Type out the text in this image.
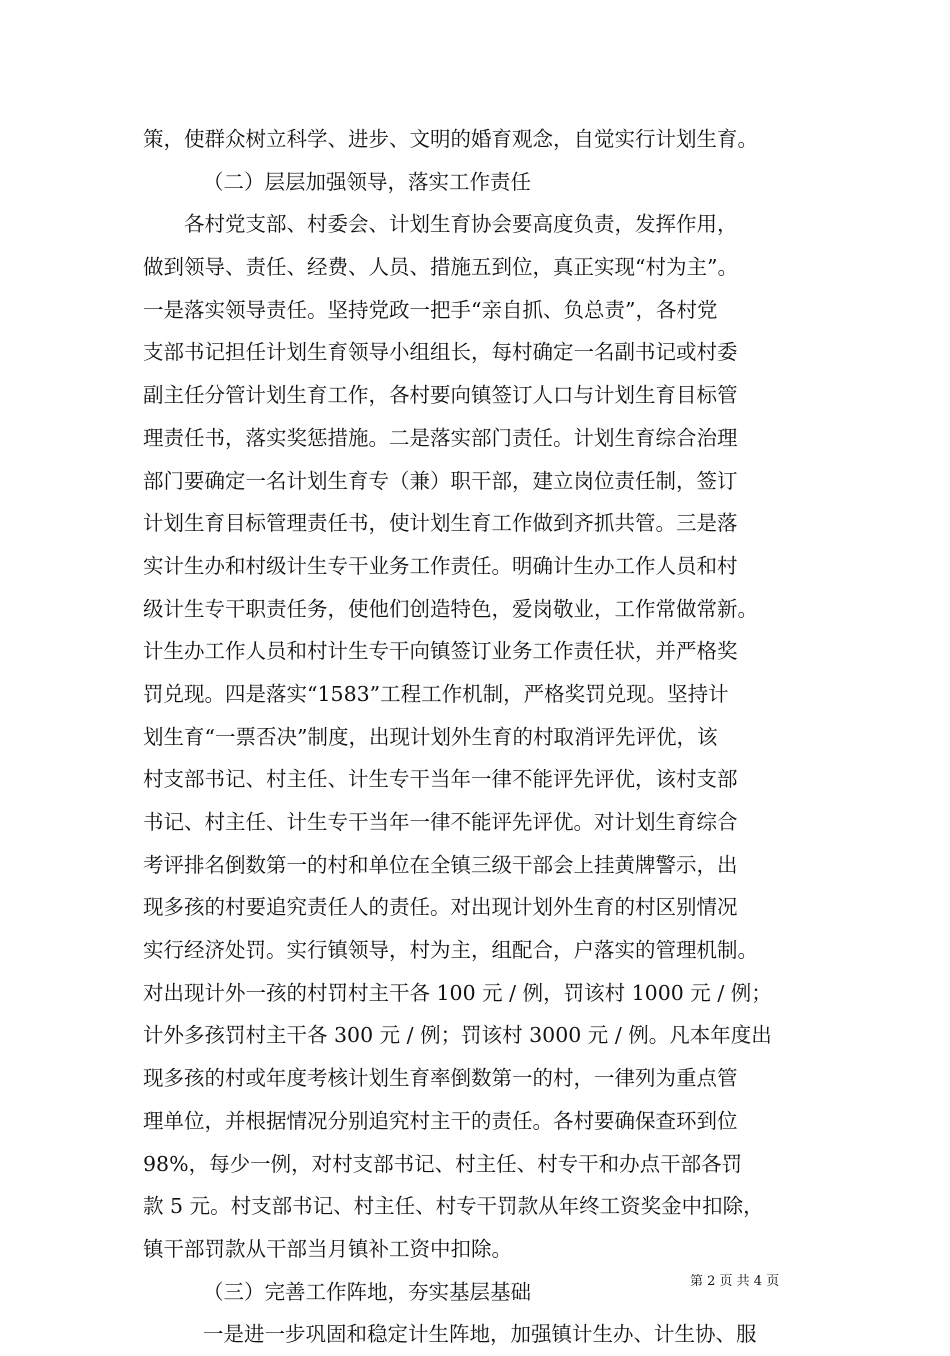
策，使群众树立科学、进步、文明的婚育观念，自觉实行计划生育。
（二）层层加强领导，落实工作责任
各村党支部、村委会、计划生育协会要高度负责，发挥作用，
做到领导、责任、经费、人员、措施五到位，真正实现“村为主”。
一是落实领导责任。坚持党政一把手“亲自抓、负总责”，各村党
支部书记担任计划生育领导小组组长，每村确定一名副书记或村委
副主任分管计划生育工作，各村要向镇签订人口与计划生育目标管
理责任书，落实奖惩措施。二是落实部门责任。计划生育综合治理
部门要确定一名计划生育专（兼）职干部，建立岗位责任制，签订
计划生育目标管理责任书，使计划生育工作做到齐抓共管。三是落
实计生办和村级计生专干业务工作责任。明确计生办工作人员和村
级计生专干职责任务，使他们创造特色，爱岗敬业，工作常做常新。
计生办工作人员和村计生专干向镇签订业务工作责任状，并严格奖
罚兑现。四是落实“1583”工程工作机制，严格奖罚兑现。坚持计
划生育“一票否决”制度，出现计划外生育的村取消评先评优，该
村支部书记、村主任、计生专干当年一律不能评先评优，该村支部
书记、村主任、计生专干当年一律不能评先评优。对计划生育综合
考评排名倒数第一的村和单位在全镇三级干部会上挂黄牌警示，出
现多孩的村要追究责任人的责任。对出现计划外生育的村区别情况
实行经济处罚。实行镇领导，村为主，组配合，户落实的管理机制。
对出现计外一孩的村罚村主干各 100 元 / 例，罚该村 1000 元 / 例；
计外多孩罚村主干各 300 元 / 例；罚该村 3000 元 / 例。凡本年度出
现多孩的村或年度考核计划生育率倒数第一的村，一律列为重点管
理单位，并根据情况分别追究村主干的责任。各村要确保查环到位
98%，每少一例，对村支部书记、村主任、村专干和办点干部各罚
款 5 元。村支部书记、村主任、村专干罚款从年终工资奖金中扣除，
镇干部罚款从干部当月镇补工资中扣除。
（三）完善工作阵地，夯实基层基础
一是进一步巩固和稳定计生阵地，加强镇计生办、计生协、服
第 2 页 共 4 页
